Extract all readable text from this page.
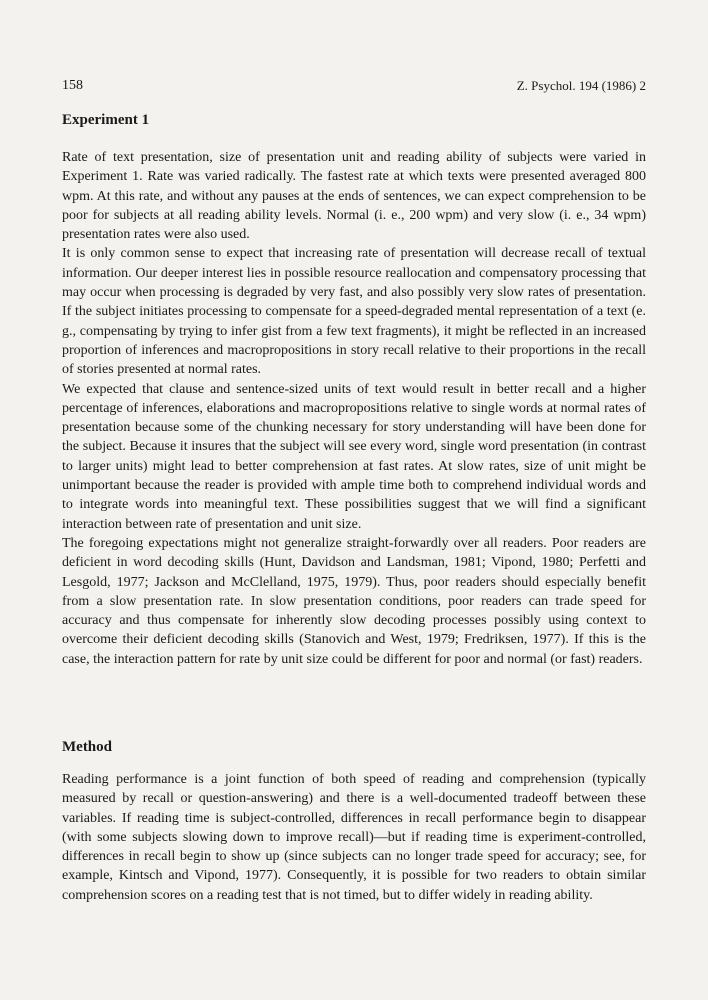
158	Z. Psychol. 194 (1986) 2
Experiment 1

Rate of text presentation, size of presentation unit and reading ability of subjects were varied in Experiment 1. Rate was varied radically. The fastest rate at which texts were presented averaged 800 wpm. At this rate, and without any pauses at the ends of sentences, we can expect comprehension to be poor for subjects at all reading ability levels. Normal (i. e., 200 wpm) and very slow (i. e., 34 wpm) presentation rates were also used.

It is only common sense to expect that increasing rate of presentation will decrease recall of textual information. Our deeper interest lies in possible resource reallocation and compensatory processing that may occur when processing is degraded by very fast, and also possibly very slow rates of presentation. If the subject initiates processing to compensate for a speed-degraded mental representation of a text (e. g., compensating by trying to infer gist from a few text fragments), it might be reflected in an increased proportion of inferences and macropropositions in story recall relative to their proportions in the recall of stories presented at normal rates.

We expected that clause and sentence-sized units of text would result in better recall and a higher percentage of inferences, elaborations and macropropositions relative to single words at normal rates of presentation because some of the chunking necessary for story understanding will have been done for the subject. Because it insures that the subject will see every word, single word presentation (in contrast to larger units) might lead to better comprehension at fast rates. At slow rates, size of unit might be unimportant because the reader is provided with ample time both to comprehend individual words and to integrate words into meaningful text. These possibilities suggest that we will find a significant interaction between rate of presentation and unit size.

The foregoing expectations might not generalize straight-forwardly over all readers. Poor readers are deficient in word decoding skills (Hunt, Davidson and Landsman, 1981; Vipond, 1980; Perfetti and Lesgold, 1977; Jackson and McClelland, 1975, 1979). Thus, poor readers should especially benefit from a slow presentation rate. In slow presentation conditions, poor readers can trade speed for accuracy and thus compensate for inherently slow decoding processes possibly using context to overcome their deficient decoding skills (Stanovich and West, 1979; Fredriksen, 1977). If this is the case, the interaction pattern for rate by unit size could be different for poor and normal (or fast) readers.

Method

Reading performance is a joint function of both speed of reading and comprehension (typically measured by recall or question-answering) and there is a well-documented tradeoff between these variables. If reading time is subject-controlled, differences in recall performance begin to disappear (with some subjects slowing down to improve recall)—but if reading time is experiment-controlled, differences in recall begin to show up (since subjects can no longer trade speed for accuracy; see, for example, Kintsch and Vipond, 1977). Consequently, it is possible for two readers to obtain similar comprehension scores on a reading test that is not timed, but to differ widely in reading ability.
